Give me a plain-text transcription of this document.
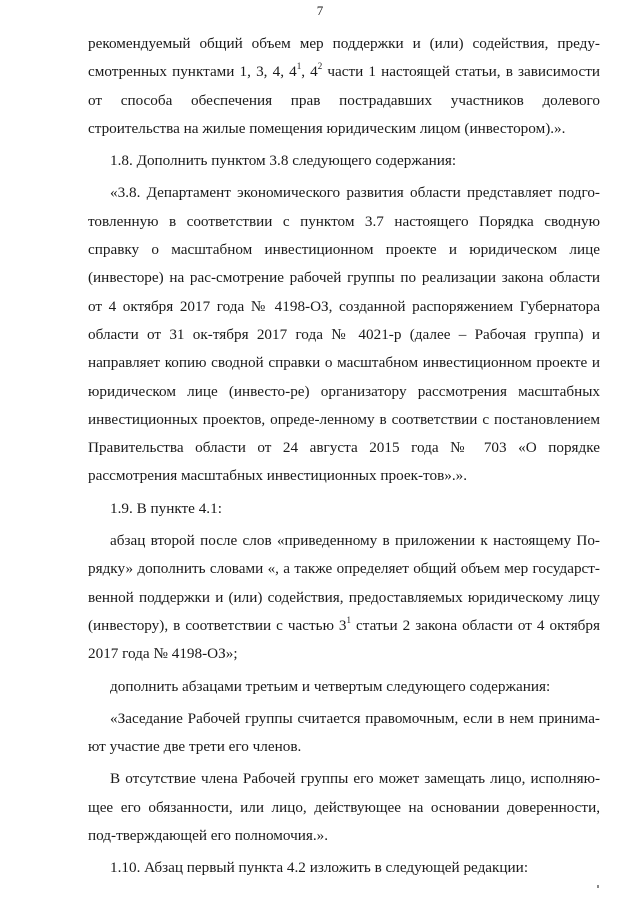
7

рекомендуемый общий объем мер поддержки и (или) содействия, преду-смотренных пунктами 1, 3, 4, $4^1$, $4^2$ части 1 настоящей статьи, в зависимости от способа обеспечения прав пострадавших участников долевого строительства на жилые помещения юридическим лицом (инвестором).».

1.8. Дополнить пунктом 3.8 следующего содержания:

«3.8. Департамент экономического развития области представляет подго-товленную в соответствии с пунктом 3.7 настоящего Порядка сводную справку о масштабном инвестиционном проекте и юридическом лице (инвесторе) на рас-смотрение рабочей группы по реализации закона области от 4 октября 2017 года № 4198-ОЗ, созданной распоряжением Губернатора области от 31 ок-тября 2017 года № 4021-р (далее – Рабочая группа) и направляет копию сводной справки о масштабном инвестиционном проекте и юридическом лице (инвесто-ре) организатору рассмотрения масштабных инвестиционных проектов, опреде-ленному в соответствии с постановлением Правительства области от 24 августа 2015 года № 703 «О порядке рассмотрения масштабных инвестиционных проек-тов».».

1.9. В пункте 4.1:

абзац второй после слов «приведенному в приложении к настоящему По-рядку» дополнить словами «, а также определяет общий объем мер государст-венной поддержки и (или) содействия, предоставляемых юридическому лицу (инвестору), в соответствии с частью $3^1$ статьи 2 закона области от 4 октября 2017 года № 4198-ОЗ»;

дополнить абзацами третьим и четвертым следующего содержания:

«Заседание Рабочей группы считается правомочным, если в нем принима-ют участие две трети его членов.

В отсутствие члена Рабочей группы его может замещать лицо, исполняю-щее его обязанности, или лицо, действующее на основании доверенности, под-тверждающей его полномочия.».

1.10. Абзац первый пункта 4.2 изложить в следующей редакции:
